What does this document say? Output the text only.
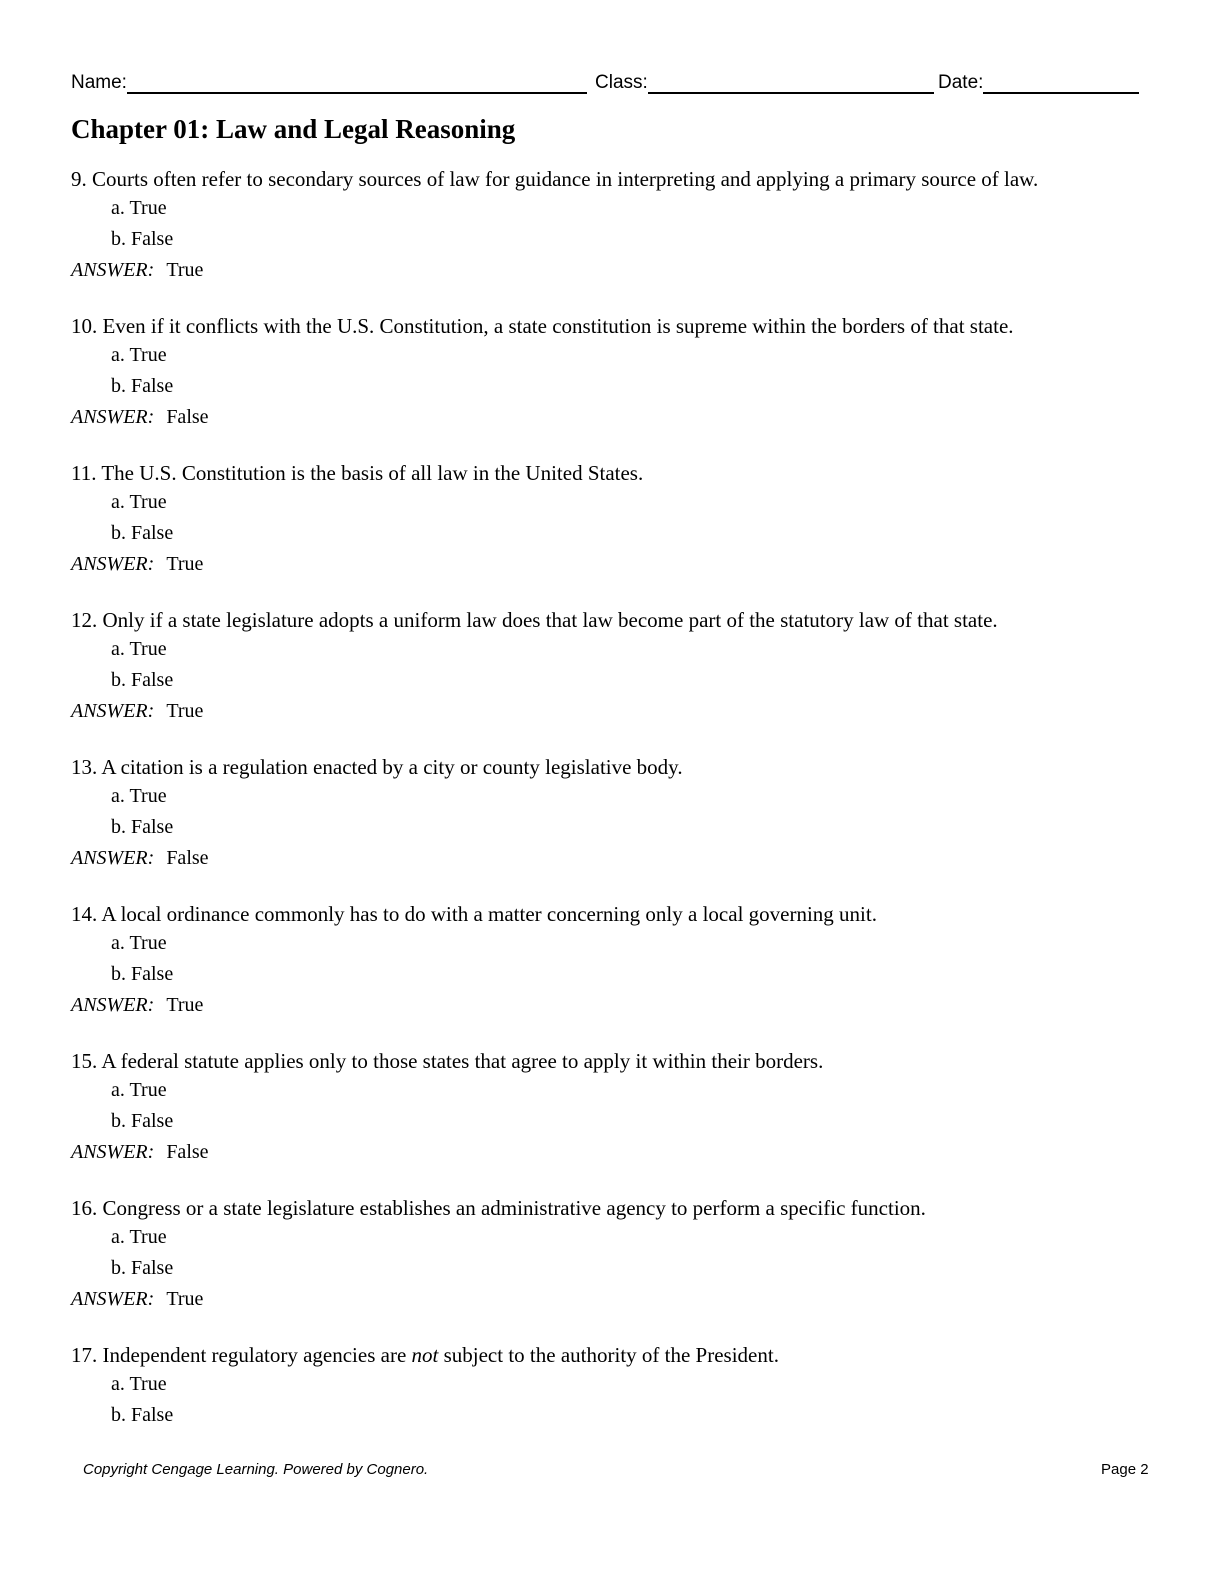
Name:	Class:	Date:
Chapter 01: Law and Legal Reasoning
9. Courts often refer to secondary sources of law for guidance in interpreting and applying a primary source of law.
a. True
b. False
ANSWER: True
10. Even if it conflicts with the U.S. Constitution, a state constitution is supreme within the borders of that state.
a. True
b. False
ANSWER: False
11. The U.S. Constitution is the basis of all law in the United States.
a. True
b. False
ANSWER: True
12. Only if a state legislature adopts a uniform law does that law become part of the statutory law of that state.
a. True
b. False
ANSWER: True
13. A citation is a regulation enacted by a city or county legislative body.
a. True
b. False
ANSWER: False
14. A local ordinance commonly has to do with a matter concerning only a local governing unit.
a. True
b. False
ANSWER: True
15. A federal statute applies only to those states that agree to apply it within their borders.
a. True
b. False
ANSWER: False
16. Congress or a state legislature establishes an administrative agency to perform a specific function.
a. True
b. False
ANSWER: True
17. Independent regulatory agencies are not subject to the authority of the President.
a. True
b. False
Copyright Cengage Learning. Powered by Cognero.	Page 2
